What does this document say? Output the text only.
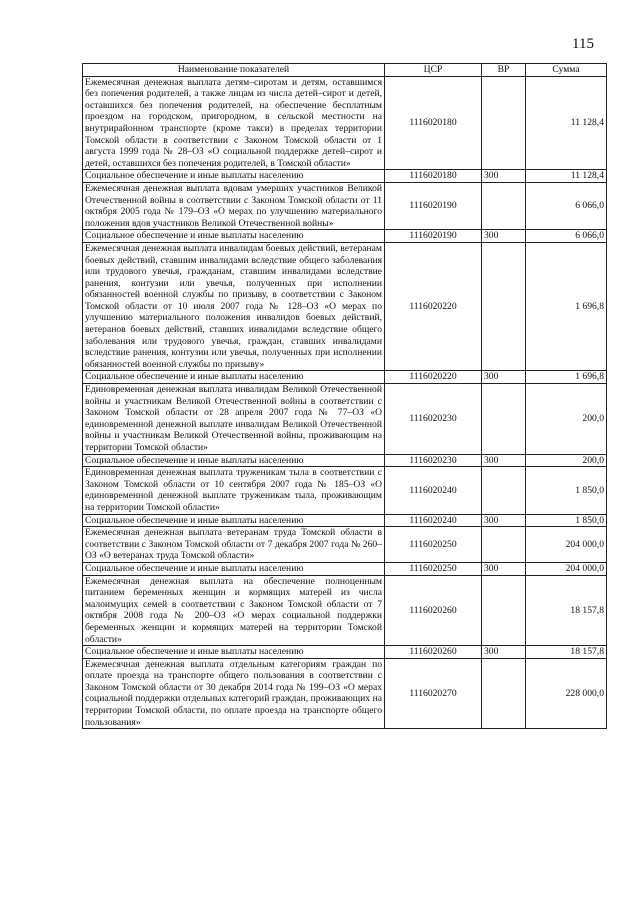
115
Наименование показателей	ЦСР	ВР	Сумма
Ежемесячная денежная выплата детям–сиротам и детям, оставшимся без попечения родителей, а также лицам из числа детей–сирот и детей, оставшихся без попечения родителей, на обеспечение бесплатным проездом на городском, пригородном, в сельской местности на внутрирайонном транспорте (кроме такси) в пределах территории Томской области в соответствии с Законом Томской области от 1 августа 1999 года № 28–ОЗ «О социальной поддержке детей–сирот и детей, оставшихся без попечения родителей, в Томской области»	1116020180		11 128,4
Социальное обеспечение и иные выплаты населению	1116020180	300	11 128,4
Ежемесячная денежная выплата вдовам умерших участников Великой Отечественной войны в соответствии с Законом Томской области от 11 октября 2005 года № 179–ОЗ «О мерах по улучшению материального положения вдов участников Великой Отечественной войны»	1116020190		6 066,0
Социальное обеспечение и иные выплаты населению	1116020190	300	6 066,0
Ежемесячная денежная выплата инвалидам боевых действий, ветеранам боевых действий, ставшим инвалидами вследствие общего заболевания или трудового увечья, гражданам, ставшим инвалидами вследствие ранения, контузии или увечья, полученных при исполнении обязанностей военной службы по призыву, в соответствии с Законом Томской области от 10 июля 2007 года № 128–ОЗ «О мерах по улучшению материального положения инвалидов боевых действий, ветеранов боевых действий, ставших инвалидами вследствие общего заболевания или трудового увечья, граждан, ставших инвалидами вследствие ранения, контузии или увечья, полученных при исполнении обязанностей военной службы по призыву»	1116020220		1 696,8
Социальное обеспечение и иные выплаты населению	1116020220	300	1 696,8
Единовременная денежная выплата инвалидам Великой Отечественной войны и участникам Великой Отечественной войны в соответствии с Законом Томской области от 28 апреля 2007 года № 77–ОЗ «О единовременной денежной выплате инвалидам Великой Отечественной войны и участникам Великой Отечественной войны, проживающим на территории Томской области»	1116020230		200,0
Социальное обеспечение и иные выплаты населению	1116020230	300	200,0
Единовременная денежная выплата труженикам тыла в соответствии с Законом Томской области от 10 сентября 2007 года № 185–ОЗ «О единовременной денежной выплате труженикам тыла, проживающим на территории Томской области»	1116020240		1 850,0
Социальное обеспечение и иные выплаты населению	1116020240	300	1 850,0
Ежемесячная денежная выплата ветеранам труда Томской области в соответствии с Законом Томской области от 7 декабря 2007 года № 260–ОЗ «О ветеранах труда Томской области»	1116020250		204 000,0
Социальное обеспечение и иные выплаты населению	1116020250	300	204 000,0
Ежемесячная денежная выплата на обеспечение полноценным питанием беременных женщин и кормящих матерей из числа малоимущих семей в соответствии с Законом Томской области от 7 октября 2008 года № 200–ОЗ «О мерах социальной поддержки беременных женщин и кормящих матерей на территории Томской области»	1116020260		18 157,8
Социальное обеспечение и иные выплаты населению	1116020260	300	18 157,8
Ежемесячная денежная выплата отдельным категориям граждан по оплате проезда на транспорте общего пользования в соответствии с Законом Томской области от 30 декабря 2014 года № 199–ОЗ «О мерах социальной поддержки отдельных категорий граждан, проживающих на территории Томской области, по оплате проезда на транспорте общего пользования»	1116020270		228 000,0
